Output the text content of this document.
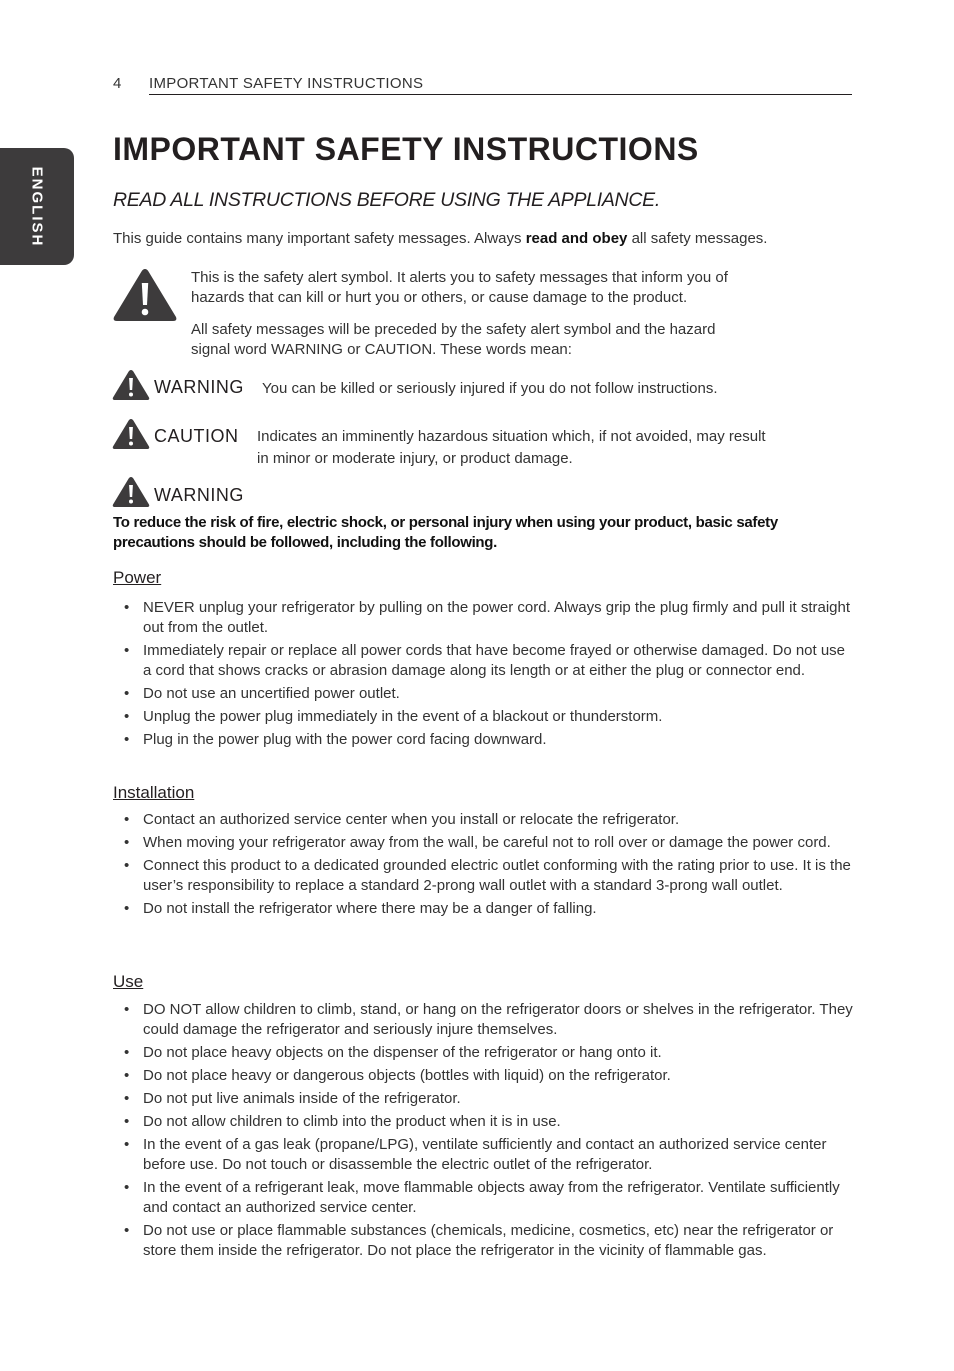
4 IMPORTANT SAFETY INSTRUCTIONS
ENGLISH
IMPORTANT SAFETY INSTRUCTIONS
READ ALL INSTRUCTIONS BEFORE USING THE APPLIANCE.
This guide contains many important safety messages. Always read and obey all safety messages.
This is the safety alert symbol. It alerts you to safety messages that inform you of
hazards that can kill or hurt you or others, or cause damage to the product.
All safety messages will be preceded by the safety alert symbol and the hazard
signal word WARNING or CAUTION. These words mean:
WARNING You can be killed or seriously injured if you do not follow instructions.
CAUTION Indicates an imminently hazardous situation which, if not avoided, may result
in minor or moderate injury, or product damage.
WARNING
To reduce the risk of fire, electric shock, or personal injury when using your product, basic safety
precautions should be followed, including the following.
Power
• NEVER unplug your refrigerator by pulling on the power cord. Always grip the plug firmly and pull it straight out from the outlet.
• Immediately repair or replace all power cords that have become frayed or otherwise damaged. Do not use a cord that shows cracks or abrasion damage along its length or at either the plug or connector end.
• Do not use an uncertified power outlet.
• Unplug the power plug immediately in the event of a blackout or thunderstorm.
• Plug in the power plug with the power cord facing downward.
Installation
• Contact an authorized service center when you install or relocate the refrigerator.
• When moving your refrigerator away from the wall, be careful not to roll over or damage the power cord.
• Connect this product to a dedicated grounded electric outlet conforming with the rating prior to use. It is the user’s responsibility to replace a standard 2-prong wall outlet with a standard 3-prong wall outlet.
• Do not install the refrigerator where there may be a danger of falling.
Use
• DO NOT allow children to climb, stand, or hang on the refrigerator doors or shelves in the refrigerator. They could damage the refrigerator and seriously injure themselves.
• Do not place heavy objects on the dispenser of the refrigerator or hang onto it.
• Do not place heavy or dangerous objects (bottles with liquid) on the refrigerator.
• Do not put live animals inside of the refrigerator.
• Do not allow children to climb into the product when it is in use.
• In the event of a gas leak (propane/LPG), ventilate sufficiently and contact an authorized service center before use. Do not touch or disassemble the electric outlet of the refrigerator.
• In the event of a refrigerant leak, move flammable objects away from the refrigerator. Ventilate sufficiently and contact an authorized service center.
• Do not use or place flammable substances (chemicals, medicine, cosmetics, etc) near the refrigerator or store them inside the refrigerator. Do not place the refrigerator in the vicinity of flammable gas.
